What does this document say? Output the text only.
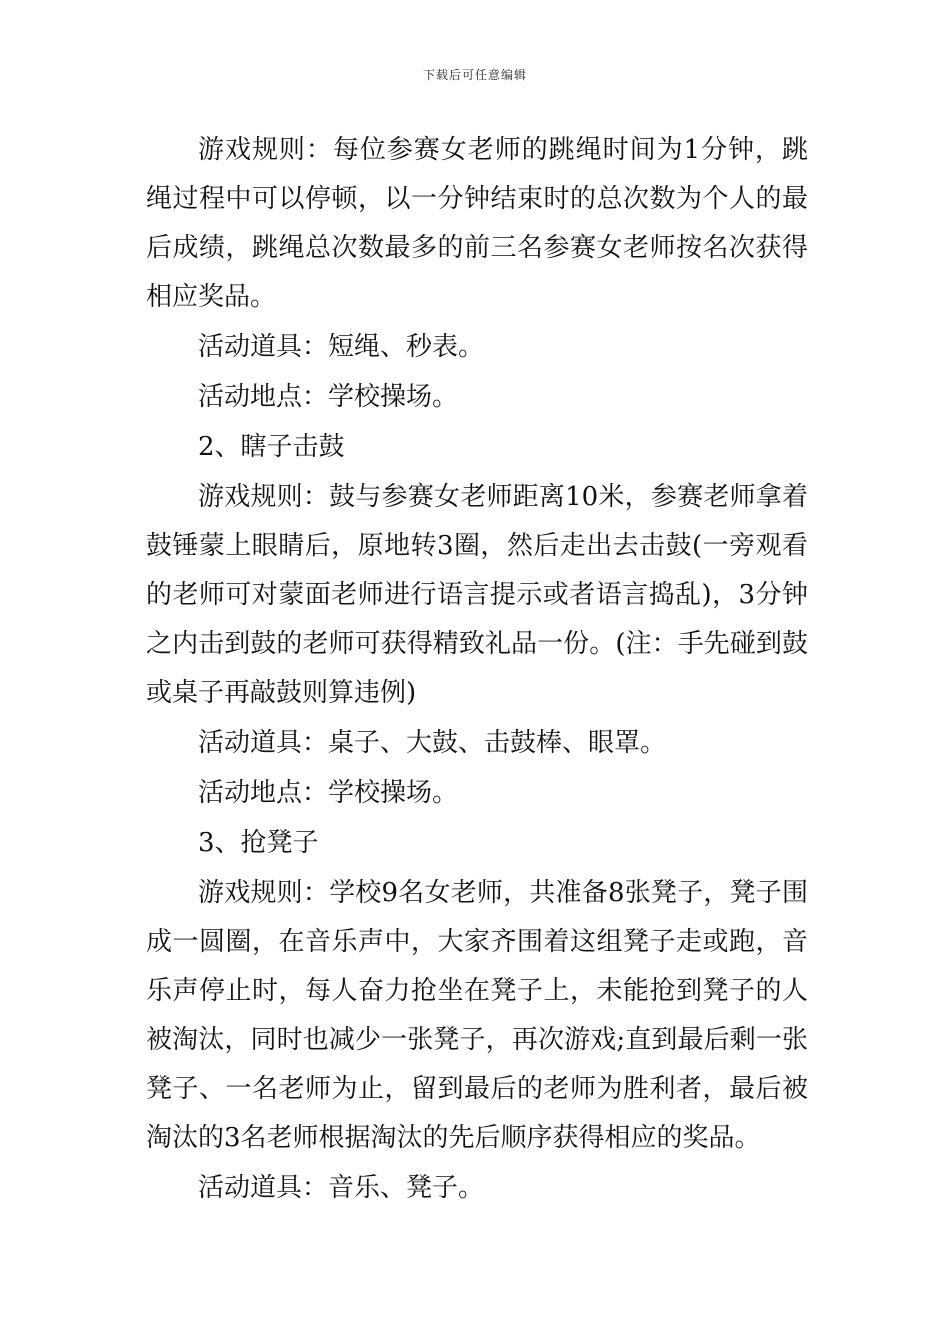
下载后可任意编辑

游戏规则：每位参赛女老师的跳绳时间为1分钟，跳绳过程中可以停顿，以一分钟结束时的总次数为个人的最后成绩，跳绳总次数最多的前三名参赛女老师按名次获得相应奖品。

活动道具：短绳、秒表。

活动地点：学校操场。

2、瞎子击鼓

游戏规则：鼓与参赛女老师距离10米，参赛老师拿着鼓锤蒙上眼睛后，原地转3圈，然后走出去击鼓(一旁观看的老师可对蒙面老师进行语言提示或者语言捣乱)，3分钟之内击到鼓的老师可获得精致礼品一份。(注：手先碰到鼓或桌子再敲鼓则算违例)

活动道具：桌子、大鼓、击鼓棒、眼罩。

活动地点：学校操场。

3、抢凳子

游戏规则：学校9名女老师，共准备8张凳子，凳子围成一圆圈，在音乐声中，大家齐围着这组凳子走或跑，音乐声停止时，每人奋力抢坐在凳子上，未能抢到凳子的人被淘汰，同时也减少一张凳子，再次游戏;直到最后剩一张凳子、一名老师为止，留到最后的老师为胜利者，最后被淘汰的3名老师根据淘汰的先后顺序获得相应的奖品。

活动道具：音乐、凳子。
